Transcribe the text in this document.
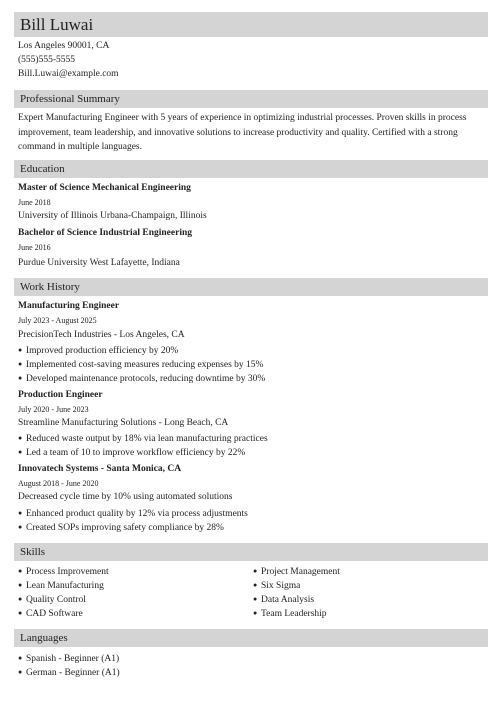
Bill Luwai
Los Angeles 90001, CA
(555)555-5555
Bill.Luwai@example.com
Professional Summary
Expert Manufacturing Engineer with 5 years of experience in optimizing industrial processes. Proven skills in process improvement, team leadership, and innovative solutions to increase productivity and quality. Certified with a strong command in multiple languages.
Education
Master of Science Mechanical Engineering
June 2018
University of Illinois Urbana-Champaign, Illinois
Bachelor of Science Industrial Engineering
June 2016
Purdue University West Lafayette, Indiana
Work History
Manufacturing Engineer
July 2023 - August 2025
PrecisionTech Industries - Los Angeles, CA
● Improved production efficiency by 20%
● Implemented cost-saving measures reducing expenses by 15%
● Developed maintenance protocols, reducing downtime by 30%
Production Engineer
July 2020 - June 2023
Streamline Manufacturing Solutions - Long Beach, CA
● Reduced waste output by 18% via lean manufacturing practices
● Led a team of 10 to improve workflow efficiency by 22%
Innovatech Systems - Santa Monica, CA
August 2018 - June 2020
Decreased cycle time by 10% using automated solutions
● Enhanced product quality by 12% via process adjustments
● Created SOPs improving safety compliance by 28%
Skills
● Process Improvement
● Lean Manufacturing
● Quality Control
● CAD Software
● Project Management
● Six Sigma
● Data Analysis
● Team Leadership
Languages
● Spanish - Beginner (A1)
● German - Beginner (A1)
